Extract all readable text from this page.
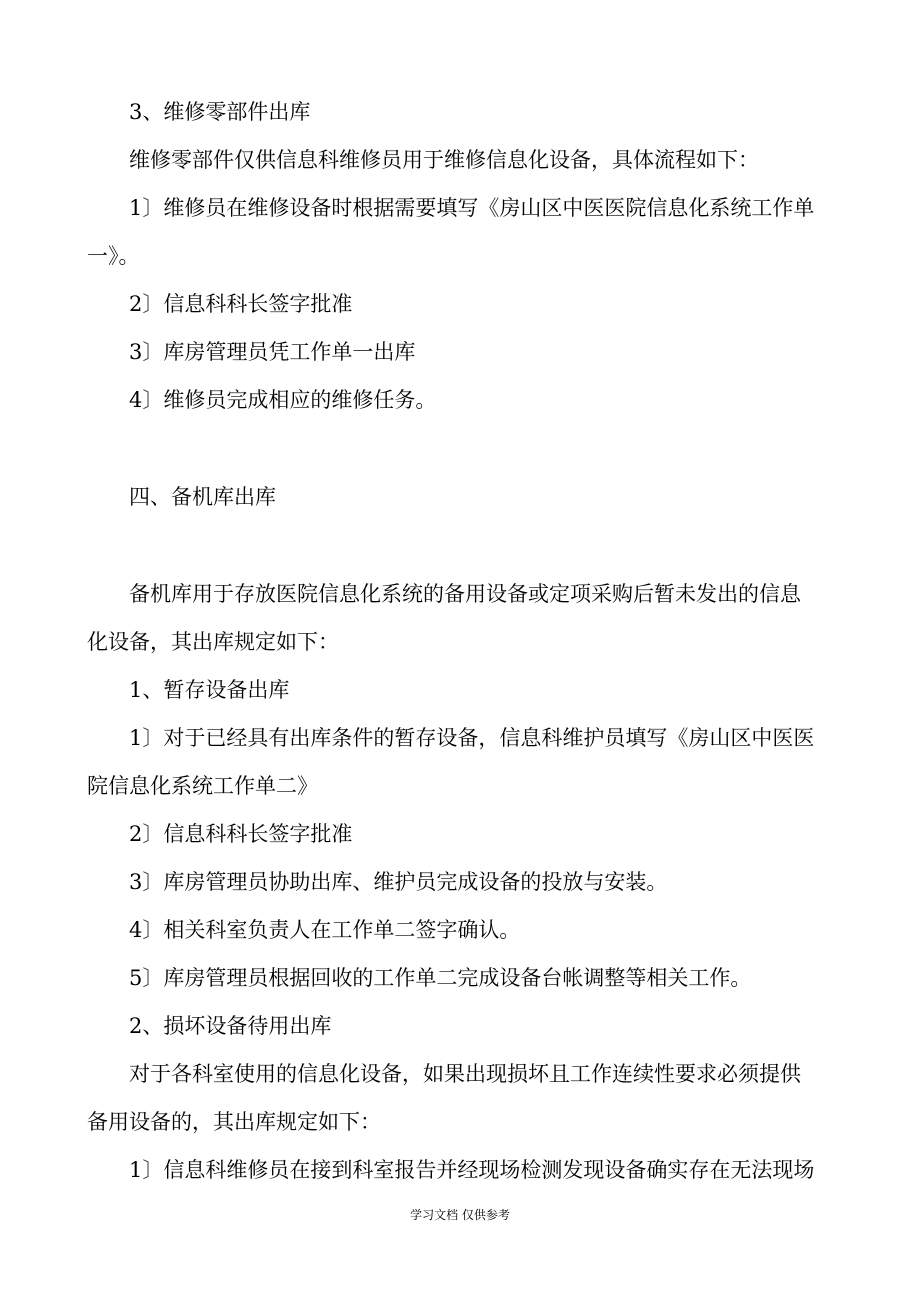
3、维修零部件出库
维修零部件仅供信息科维修员用于维修信息化设备，具体流程如下：
1〕维修员在维修设备时根据需要填写《房山区中医医院信息化系统工作单
一》。
2〕信息科科长签字批准
3〕库房管理员凭工作单一出库
4〕维修员完成相应的维修任务。
四、备机库出库
备机库用于存放医院信息化系统的备用设备或定项采购后暂未发出的信息
化设备，其出库规定如下：
1、暂存设备出库
1〕对于已经具有出库条件的暂存设备，信息科维护员填写《房山区中医医
院信息化系统工作单二》
2〕信息科科长签字批准
3〕库房管理员协助出库、维护员完成设备的投放与安装。
4〕相关科室负责人在工作单二签字确认。
5〕库房管理员根据回收的工作单二完成设备台帐调整等相关工作。
2、损坏设备待用出库
对于各科室使用的信息化设备，如果出现损坏且工作连续性要求必须提供
备用设备的，其出库规定如下：
1〕信息科维修员在接到科室报告并经现场检测发现设备确实存在无法现场
学习文档 仅供参考
